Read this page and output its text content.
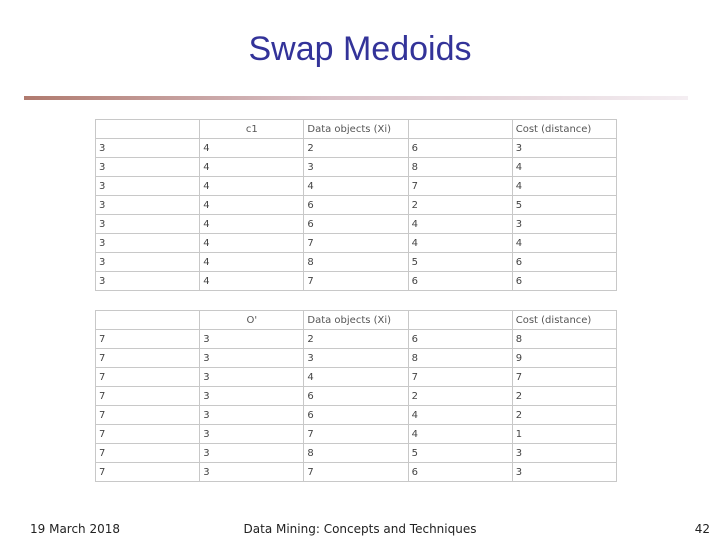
Swap Medoids
	c1	Data objects (Xi)		Cost (distance)
3	4	2	6	3
3	4	3	8	4
3	4	4	7	4
3	4	6	2	5
3	4	6	4	3
3	4	7	4	4
3	4	8	5	6
3	4	7	6	6
	O'	Data objects (Xi)		Cost (distance)
7	3	2	6	8
7	3	3	8	9
7	3	4	7	7
7	3	6	2	2
7	3	6	4	2
7	3	7	4	1
7	3	8	5	3
7	3	7	6	3
19 March 2018	Data Mining: Concepts and Techniques	42
